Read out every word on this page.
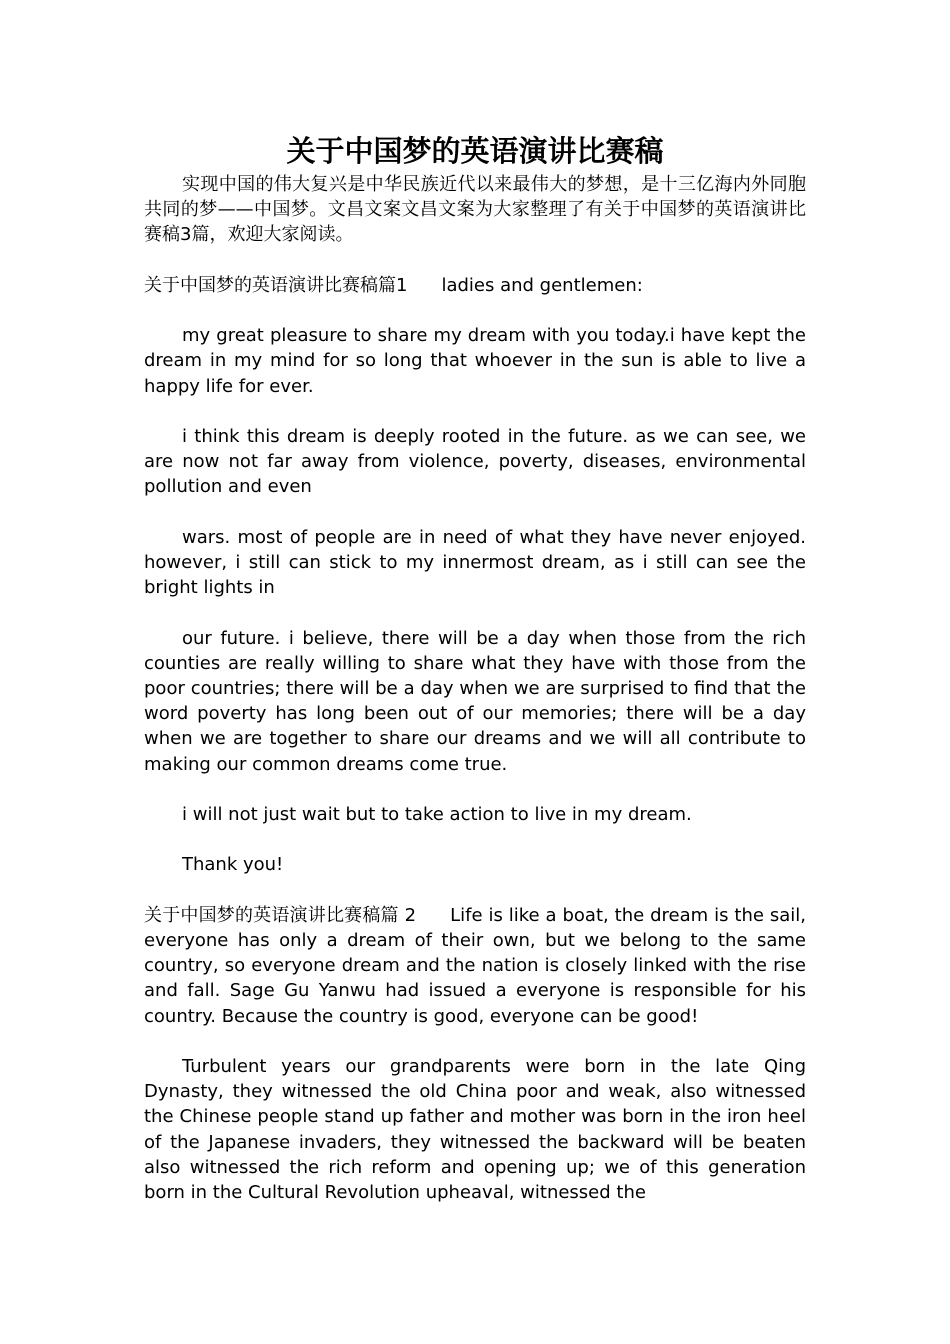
关于中国梦的英语演讲比赛稿

实现中国的伟大复兴是中华民族近代以来最伟大的梦想，是十三亿海内外同胞共同的梦——中国梦。文昌文案文昌文案为大家整理了有关于中国梦的英语演讲比赛稿3篇，欢迎大家阅读。

关于中国梦的英语演讲比赛稿篇1 ladies and gentlemen:

my great pleasure to share my dream with you today.i have kept the dream in my mind for so long that whoever in the sun is able to live a happy life for ever.

i think this dream is deeply rooted in the future. as we can see, we are now not far away from violence, poverty, diseases, environmental pollution and even

wars. most of people are in need of what they have never enjoyed. however, i still can stick to my innermost dream, as i still can see the bright lights in

our future. i believe, there will be a day when those from the rich counties are really willing to share what they have with those from the poor countries; there will be a day when we are surprised to find that the word poverty has long been out of our memories; there will be a day when we are together to share our dreams and we will all contribute to making our common dreams come true.

i will not just wait but to take action to live in my dream.

Thank you!

关于中国梦的英语演讲比赛稿篇 2 Life is like a boat, the dream is the sail, everyone has only a dream of their own, but we belong to the same country, so everyone dream and the nation is closely linked with the rise and fall. Sage Gu Yanwu had issued a everyone is responsible for his country. Because the country is good, everyone can be good!

Turbulent years our grandparents were born in the late Qing Dynasty, they witnessed the old China poor and weak, also witnessed the Chinese people stand up father and mother was born in the iron heel of the Japanese invaders, they witnessed the backward will be beaten also witnessed the rich reform and opening up; we of this generation born in the Cultural Revolution upheaval, witnessed the
